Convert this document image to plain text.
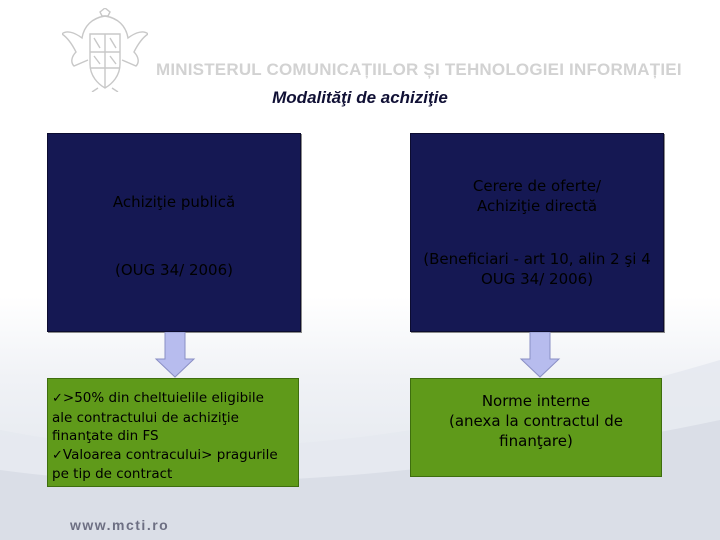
MINISTERUL COMUNICAȚIILOR ȘI TEHNOLOGIEI INFORMAȚIEI
Modalităţi de achiziţie
Achiziţie publică
(OUG 34/ 2006)
Cerere de oferte/
Achiziţie directă
(Beneficiari - art 10, alin 2 şi 4
OUG 34/ 2006)
✓>50% din cheltuielile eligibile
ale contractului de achiziţie
finanţate din FS
✓Valoarea contracului> pragurile
pe tip de contract
Norme interne
(anexa la contractul de
finanţare)
www.mcti.ro
